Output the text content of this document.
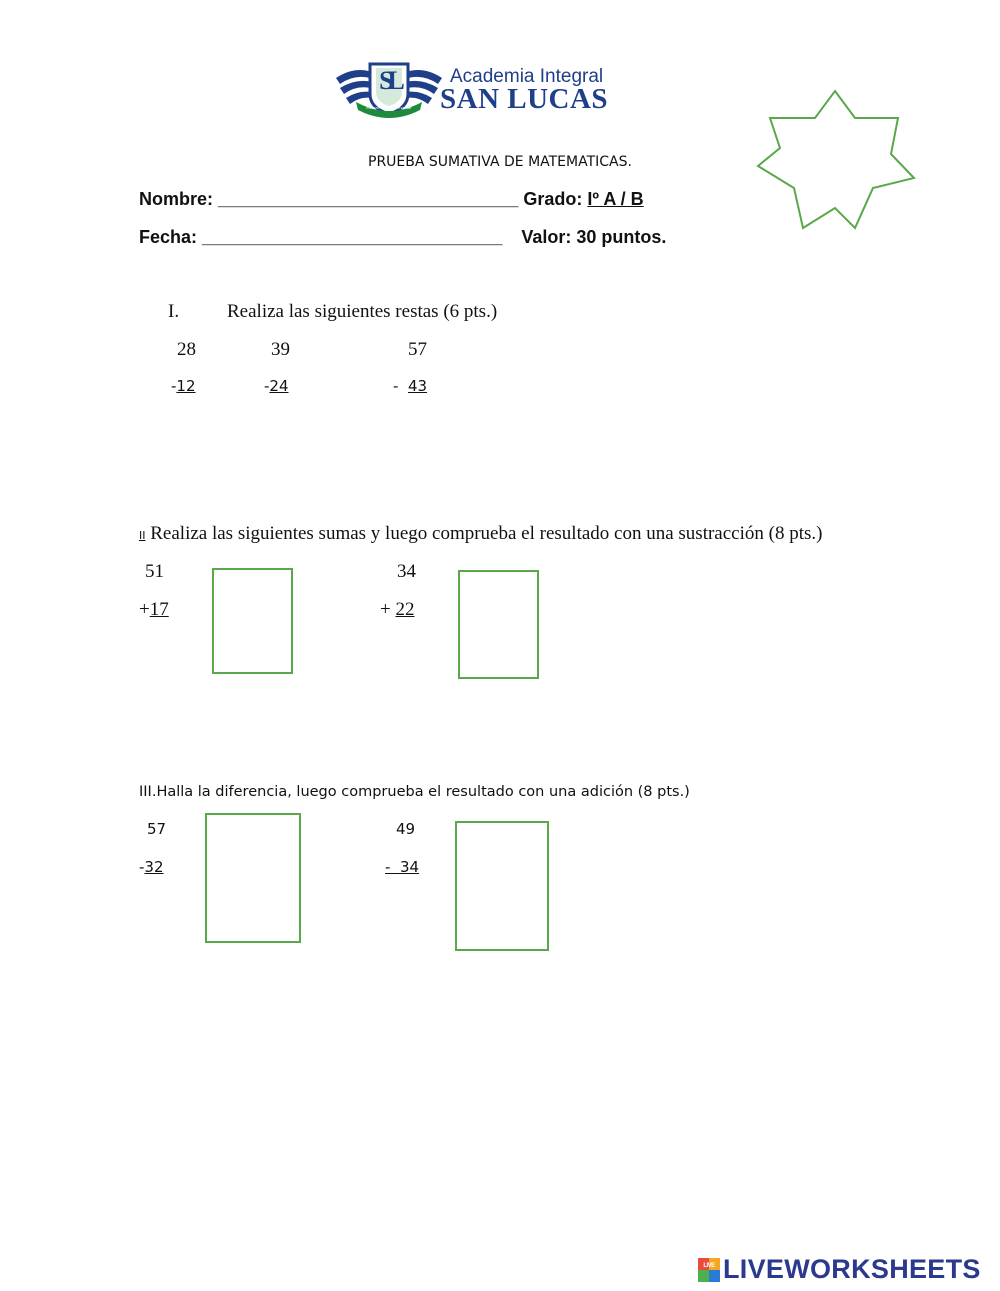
SL
Educar, Ensenar, Evaluar
Academia Integral
SAN LUCAS
PRUEBA SUMATIVA DE MATEMATICAS.
Nombre: ______________________________ Grado: Iº A / B
Fecha: ______________________________ Valor: 30 puntos.
I.	Realiza las siguientes restas (6 pts.)
28
-12
39
-24
57
- 43
II Realiza las siguientes sumas y luego comprueba el resultado con una sustracción (8 pts.)
51
+17
34
+ 22
III.Halla la diferencia, luego comprueba el resultado con una adición (8 pts.)
57
-32
49
- 34
LIVE LIVEWORKSHEETS
